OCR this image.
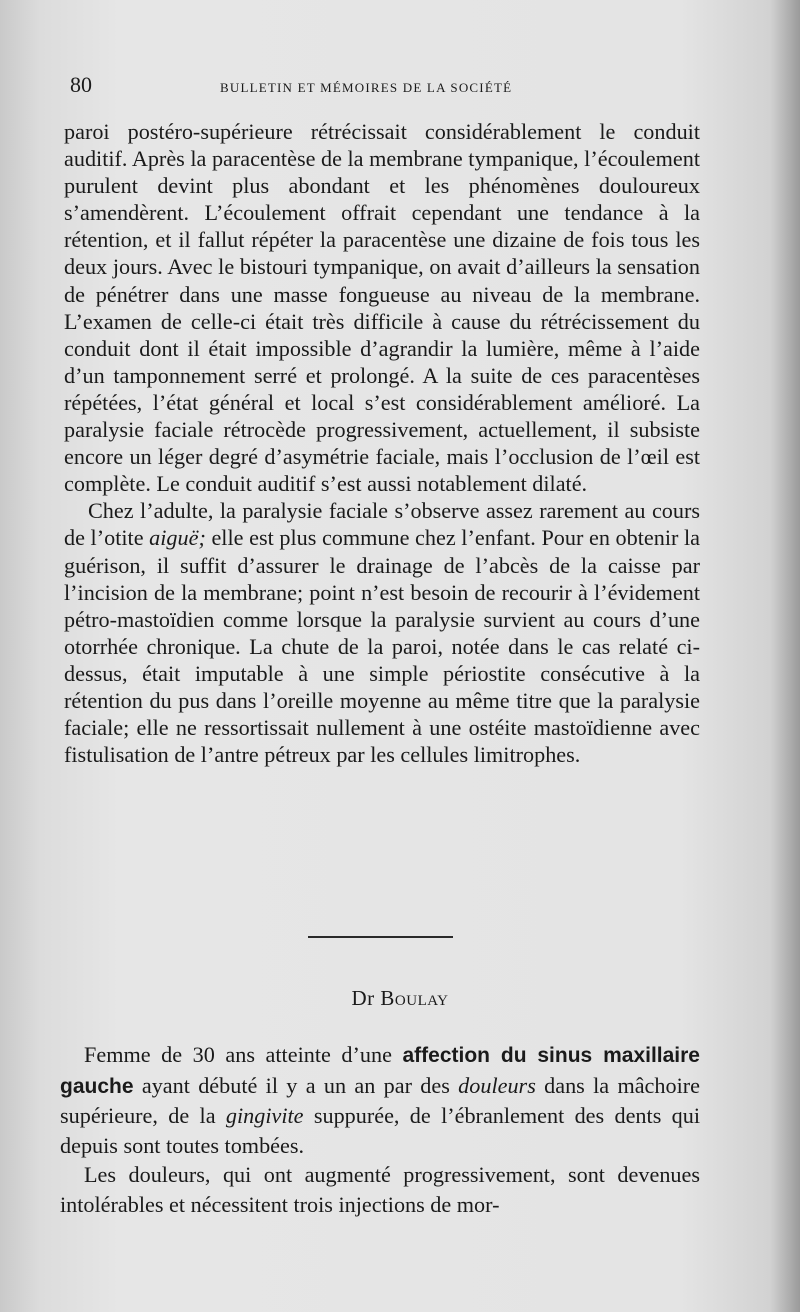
80	BULLETIN ET MÉMOIRES DE LA SOCIÉTÉ

paroi postéro-supérieure rétrécissait considérablement le conduit auditif. Après la paracentèse de la membrane tympanique, l’écoulement purulent devint plus abondant et les phénomènes douloureux s’amendèrent. L’écoulement offrait cependant une tendance à la rétention, et il fallut répéter la paracentèse une dizaine de fois tous les deux jours. Avec le bistouri tympanique, on avait d’ailleurs la sensation de pénétrer dans une masse fongueuse au niveau de la membrane. L’examen de celle-ci était très difficile à cause du rétrécissement du conduit dont il était impossible d’agrandir la lumière, même à l’aide d’un tamponnement serré et prolongé. A la suite de ces paracentèses répétées, l’état général et local s’est considérablement amélioré. La paralysie faciale rétrocède progressivement, actuellement, il subsiste encore un léger degré d’asymétrie faciale, mais l’occlusion de l’œil est complète. Le conduit auditif s’est aussi notablement dilaté.

Chez l’adulte, la paralysie faciale s’observe assez rarement au cours de l’otite aiguë; elle est plus commune chez l’enfant. Pour en obtenir la guérison, il suffit d’assurer le drainage de l’abcès de la caisse par l’incision de la membrane; point n’est besoin de recourir à l’évidement pétro-mastoïdien comme lorsque la paralysie survient au cours d’une otorrhée chronique. La chute de la paroi, notée dans le cas relaté ci-dessus, était imputable à une simple périostite consécutive à la rétention du pus dans l’oreille moyenne au même titre que la paralysie faciale; elle ne ressortissait nullement à une ostéite mastoïdienne avec fistulisation de l’antre pétreux par les cellules limitrophes.

Dr Boulay

Femme de 30 ans atteinte d’une affection du sinus maxillaire gauche ayant débuté il y a un an par des douleurs dans la mâchoire supérieure, de la gingivite suppurée, de l’ébranlement des dents qui depuis sont toutes tombées.

Les douleurs, qui ont augmenté progressivement, sont devenues intolérables et nécessitent trois injections de mor-
